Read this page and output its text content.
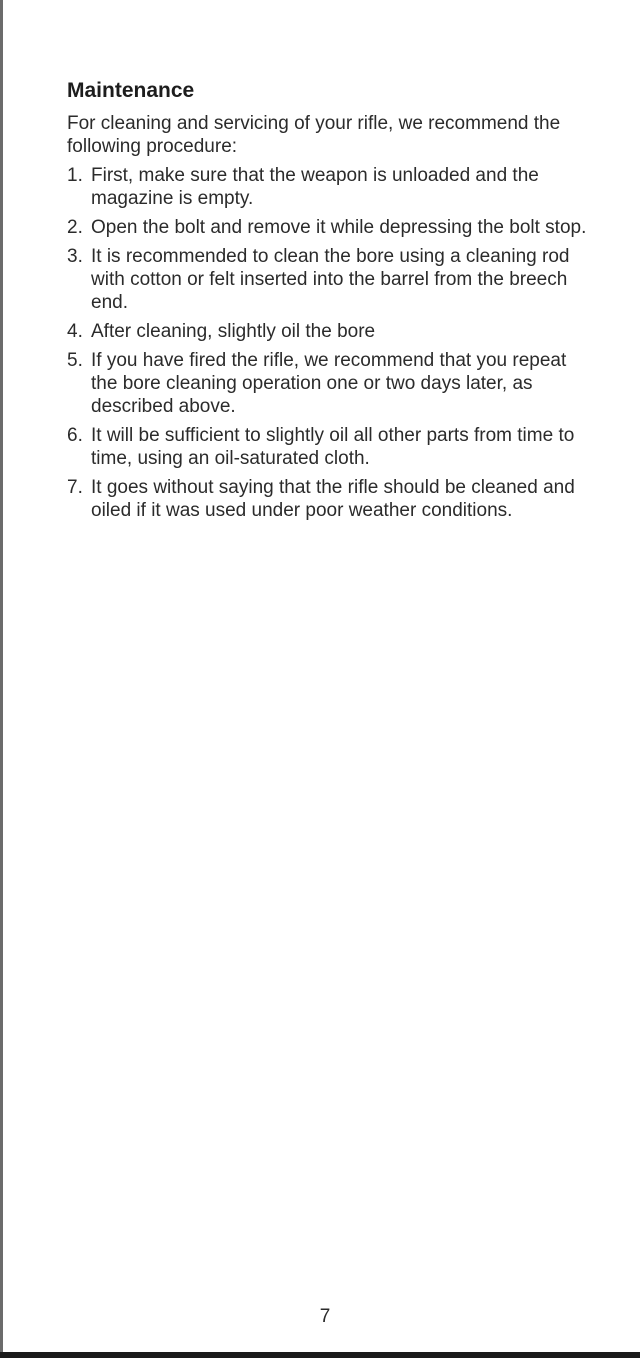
Maintenance

For cleaning and servicing of your rifle, we recommend the following procedure:

1. First, make sure that the weapon is unloaded and the magazine is empty.
2. Open the bolt and remove it while depressing the bolt stop.
3. It is recommended to clean the bore using a cleaning rod with cotton or felt inserted into the barrel from the breech end.
4. After cleaning, slightly oil the bore
5. If you have fired the rifle, we recommend that you repeat the bore cleaning operation one or two days later, as described above.
6. It will be sufficient to slightly oil all other parts from time to time, using an oil-saturated cloth.
7. It goes without saying that the rifle should be cleaned and oiled if it was used under poor weather conditions.
7
